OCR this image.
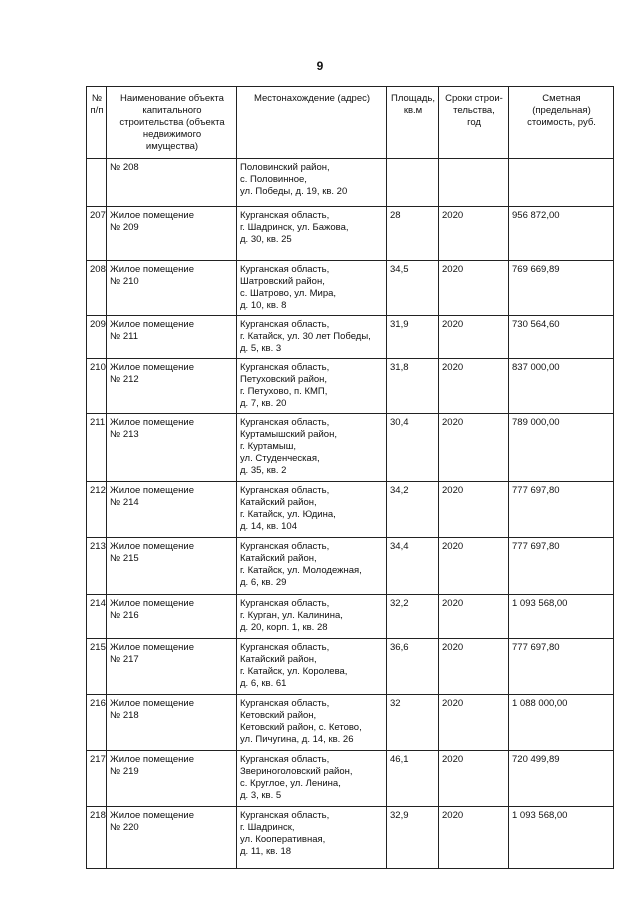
9
№
п/п	Наименование объекта
капитального
строительства (объекта
недвижимого
имущества)	Местонахождение (адрес)	Площадь,
кв.м	Сроки строи-
тельства,
год	Сметная
(предельная)
стоимость, руб.
	№ 208	Половинский район,
с. Половинное,
ул. Победы, д. 19, кв. 20			
207	Жилое помещение
№ 209	Курганская область,
г. Шадринск, ул. Бажова,
д. 30, кв. 25	28	2020	956 872,00
208	Жилое помещение
№ 210	Курганская область,
Шатровский район,
с. Шатрово, ул. Мира,
д. 10, кв. 8	34,5	2020	769 669,89
209	Жилое помещение
№ 211	Курганская область,
г. Катайск, ул. 30 лет Победы,
д. 5, кв. 3	31,9	2020	730 564,60
210	Жилое помещение
№ 212	Курганская область,
Петуховский район,
г. Петухово, п. КМП,
д. 7, кв. 20	31,8	2020	837 000,00
211	Жилое помещение
№ 213	Курганская область,
Куртамышский район,
г. Куртамыш,
ул. Студенческая,
д. 35, кв. 2	30,4	2020	789 000,00
212	Жилое помещение
№ 214	Курганская область,
Катайский район,
г. Катайск, ул. Юдина,
д. 14, кв. 104	34,2	2020	777 697,80
213	Жилое помещение
№ 215	Курганская область,
Катайский район,
г. Катайск, ул. Молодежная,
д. 6, кв. 29	34,4	2020	777 697,80
214	Жилое помещение
№ 216	Курганская область,
г. Курган, ул. Калинина,
д. 20, корп. 1, кв. 28	32,2	2020	1 093 568,00
215	Жилое помещение
№ 217	Курганская область,
Катайский район,
г. Катайск, ул. Королева,
д. 6, кв. 61	36,6	2020	777 697,80
216	Жилое помещение
№ 218	Курганская область,
Кетовский район,
Кетовский район, с. Кетово,
ул. Пичугина, д. 14, кв. 26	32	2020	1 088 000,00
217	Жилое помещение
№ 219	Курганская область,
Звериноголовский район,
с. Круглое, ул. Ленина,
д. 3, кв. 5	46,1	2020	720 499,89
218	Жилое помещение
№ 220	Курганская область,
г. Шадринск,
ул. Кооперативная,
д. 11, кв. 18	32,9	2020	1 093 568,00
